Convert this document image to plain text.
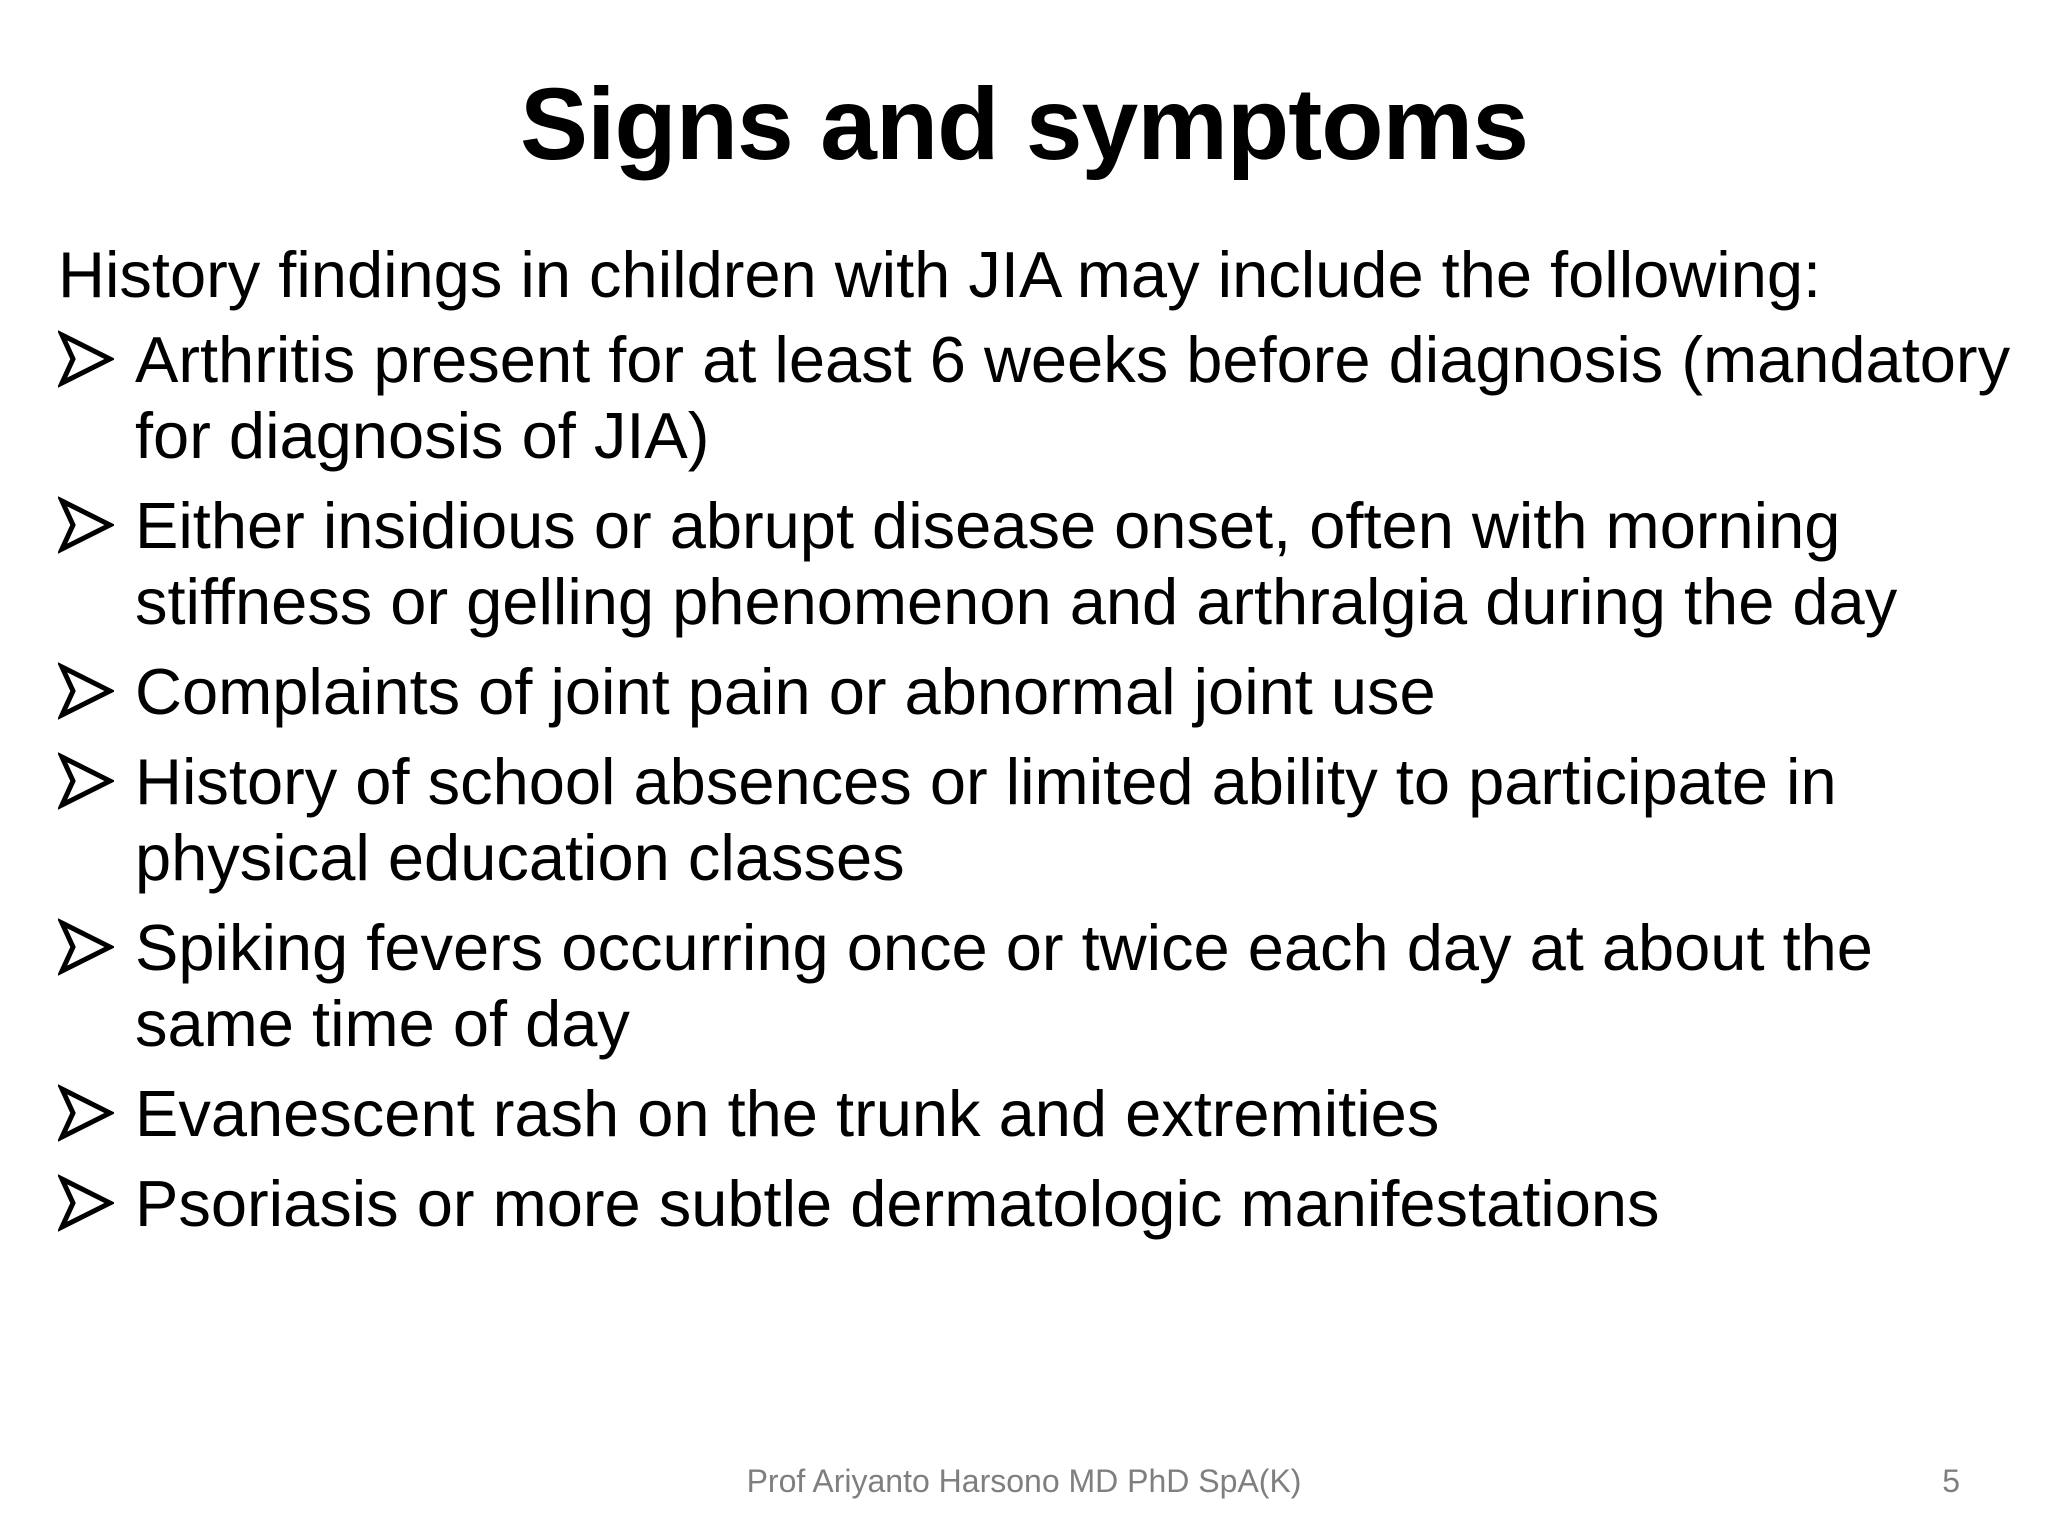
Signs and symptoms

History findings in children with JIA may include the following:

Arthritis present for at least 6 weeks before diagnosis (mandatory for diagnosis of JIA)
Either insidious or abrupt disease onset, often with morning stiffness or gelling phenomenon and arthralgia during the day
Complaints of joint pain or abnormal joint use
History of school absences or limited ability to participate in physical education classes
Spiking fevers occurring once or twice each day at about the same time of day
Evanescent rash on the trunk and extremities
Psoriasis or more subtle dermatologic manifestations
Prof Ariyanto Harsono MD PhD SpA(K)	5
